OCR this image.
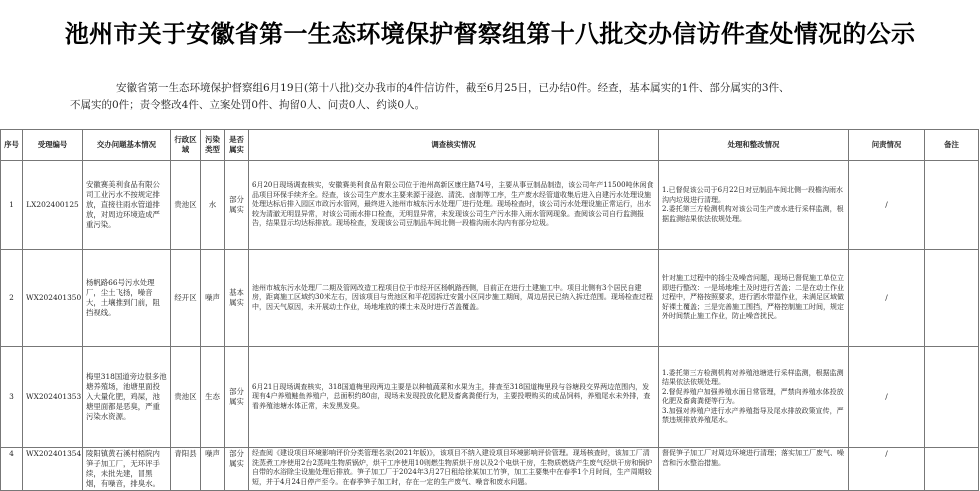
池州市关于安徽省第一生态环境保护督察组第十八批交办信访件查处情况的公示

安徽省第一生态环境保护督察组6月19日(第十八批)交办我市的4件信访件，截至6月25日，已办结0件。经查，基本属实的1件、部分属实的3件、

不属实的0件；责令整改4件、立案处罚0件、拘留0人、问责0人、约谈0人。
序号	受理编号	交办问题基本情况	行政区域	污染类型	是否属实	调查核实情况	处理和整改情况	问责情况	备注
1	LX202400125	安徽赛美利食品有限公司工业污水不按规定排放，直接往雨水管道排放，对周边环境造成严重污染。	贵池区	水	部分属实	6月20日现场调查核实，安徽赛美利食品有限公司位于池州高新区康庄路74号，主要从事豆制品制造，该公司年产11500吨休闲食品项目环保手续齐全。经查，该公司生产废水主要来源于浸泡、清洗、卤制等工序，生产废水经管道收集后进入自建污水处理设施处理达标后排入园区市政污水管网，最终进入池州市城东污水处理厂进行处理。现场检查时，该公司污水处理设施正常运行，出水较为清澈无明显异常，对该公司雨水排口检查，无明显异常，未发现该公司生产污水排入雨水管网现象。查阅该公司自行监测报告，结果显示均达标排放。现场检查，发现该公司豆制品车间北侧一段檐沟雨水沟内有部分垃圾。	1.已督促该公司于6月22日对豆制品车间北侧一段檐沟雨水沟内垃圾进行清理。
2.委托第三方检测机构对该公司生产废水进行采样监测，根据监测结果依法依规处理。	/	
2	WX202401350	杨帆路66号污水处理厂，尘土飞扬，噪音大，土壤推到门前，阻挡视线。	经开区	噪声	基本属实	池州市城东污水处理厂二期及管网改造工程项目位于市经开区杨帆路西侧，目前正在进行土建施工中。项目北侧有3个居民自建房，距离施工区域约30米左右，因该项目与贵池区和平花园拆迁安置小区同步施工期间，周边居民已纳入拆迁范围。现场检查过程中，因天气原因，未开展动土作业，场地堆放的裸土未及时进行苫盖覆盖。	针对施工过程中的扬尘及噪音问题，现场已督促施工单位立即进行整改：一是场地堆土及时进行苫盖；二是在动土作业过程中，严格按照要求，进行洒水带湿作业，未满足区域做好裸土覆盖；三是完善施工围挡，严格控制施工时间，规定外时间禁止施工作业，防止噪音扰民。	/	
3	WX202401353	梅里318国道旁边很多池塘养殖场，池塘里面投入大量化肥，鸡屎，池塘里面都是恶臭，严重污染水资源。	贵池区	生态	部分属实	6月21日现场调查核实，318国道梅里段两边主要是以种植蔬菜和水果为主，排查至318国道梅里段与谷塘段交界两边范围内，发现有4户养殖鲢鱼养殖户，总面积约80亩，现场未发现投放化肥及畜禽粪便行为，主要投喂购买的成品饲料，养殖尾水未外排，查看养殖池塘水体正常，未发黑发臭。	1.委托第三方检测机构对养殖池塘进行采样监测，根据监测结果依法依规处理。
2.督促养殖户加强养殖水面日常管理，严禁向养殖水体投放化肥及畜禽粪便等行为。
3.加强对养殖户进行水产养殖指导及尾水排放政策宣传，严禁违规排放养殖尾水。	/	
4	WX202401354	陵阳镇黄石溪村梧院内笋子加工厂，无环评手续，未批先建，冒黑烟，有噪音，排臭水。	青阳县	噪声	部分属实	经查阅《建设项目环境影响评价分类管理名录(2021年版)》，该项目不纳入建设项目环境影响评价管理。现场核查时，该加工厂清洗蒸煮工序使用2台2蒸吨生物质锅炉，烘干工序使用10则燃生物质烘干房以及2个电烘干房，生物质燃烧产生废气经烘干房和锅炉自带的水浴除尘设施处理后排放。笋子加工厂于2024年3月27日租给徐某加工竹笋，加工主要集中在春季1个月时间，生产周期较短，并于4月24日停产至今。在春季笋子加工时，存在一定的生产废气、噪音和废水问题。	督促笋子加工厂对周边环境进行清理；落实加工厂废气、噪音和污水整治措施。	/	
